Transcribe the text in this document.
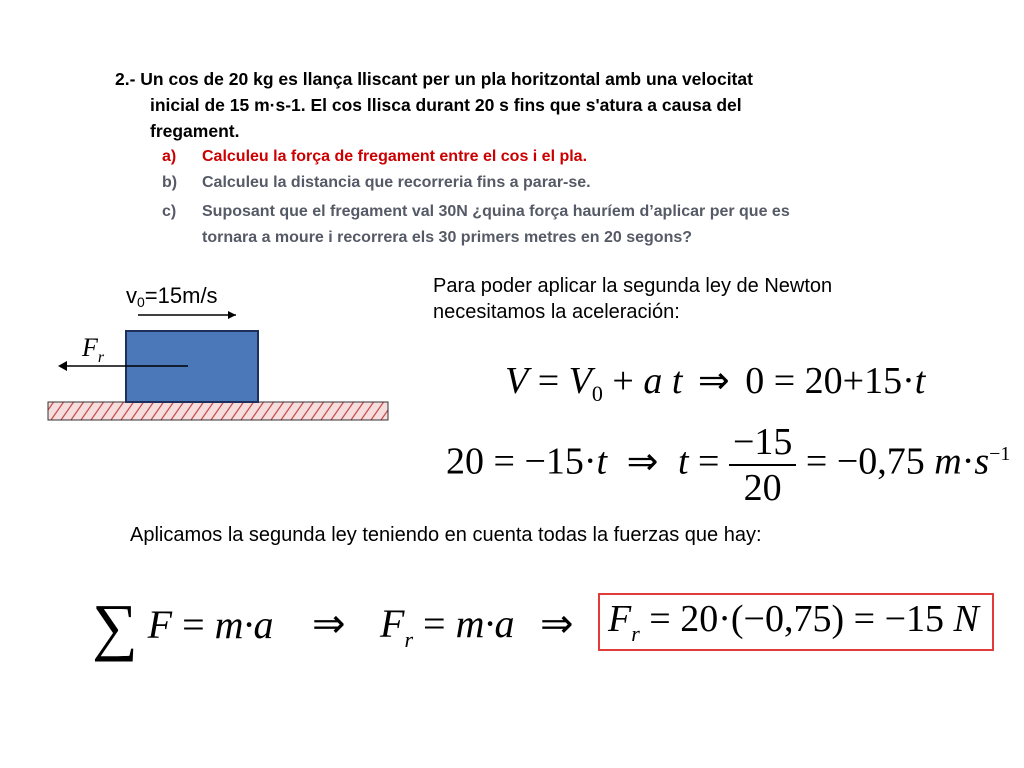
2.- Un cos de 20 kg es llança lliscant per un pla horitzontal amb una velocitat
inicial de 15 m·s-1. El cos llisca durant 20 s fins que s'atura a causa del
fregament.
a) Calculeu la força de fregament entre el cos i el pla.
b) Calculeu la distancia que recorreria fins a parar-se.
c) Suposant que el fregament val 30N ¿quina força hauríem d’aplicar per que es
tornara a moure i recorrera els 30 primers metres en 20 segons?
v0=15m/s
$F_r$
Para poder aplicar la segunda ley de Newton
necesitamos la aceleración:
$V = V_0 + a$ t ⇒ 0 = 20+15·t
20 = −15·t ⇒ $t = \frac{-15}{20} = -0,75$ $m\cdot s^{-1}$
Aplicamos la segunda ley teniendo en cuenta todas la fuerzas que hay:
∑ F = m·a ⇒ $F_r = m\cdot a$ ⇒ $F_r = 20\cdot(-0,75) = -15$ N
